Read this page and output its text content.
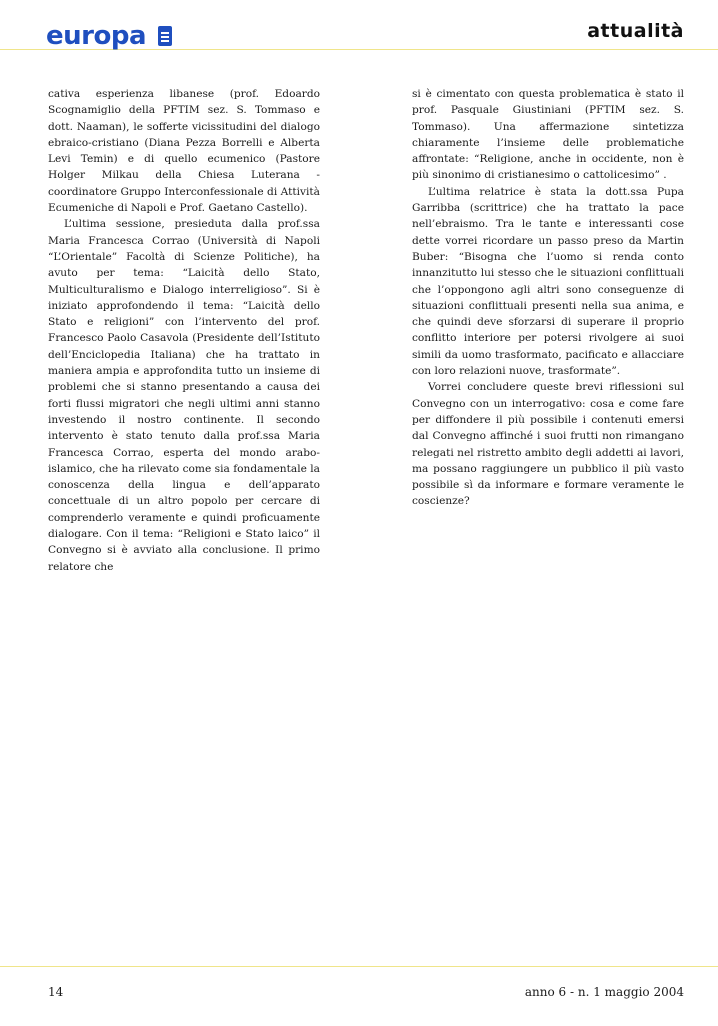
europa	attualità

cativa esperienza libanese (prof. Edoardo Scognamiglio della PFTIM sez. S. Tommaso e dott. Naaman), le sofferte vicissitudini del dialogo ebraico-cristiano (Diana Pezza Borrelli e Alberta Levi Temin) e di quello ecumenico (Pastore Holger Milkau della Chiesa Luterana - coordinatore Gruppo Interconfessionale di Attività Ecumeniche di Napoli e Prof. Gaetano Castello).

L’ultima sessione, presieduta dalla prof.ssa Maria Francesca Corrao (Università di Napoli “L’Orientale” Facoltà di Scienze Politiche), ha avuto per tema: “Laicità dello Stato, Multiculturalismo e Dialogo interreligioso”. Si è iniziato approfondendo il tema: “Laicità dello Stato e religioni” con l’intervento del prof. Francesco Paolo Casavola (Presidente dell’Istituto dell’Enciclopedia Italiana) che ha trattato in maniera ampia e approfondita tutto un insieme di problemi che si stanno presentando a causa dei forti flussi migratori che negli ultimi anni stanno investendo il nostro continente. Il secondo intervento è stato tenuto dalla prof.ssa Maria Francesca Corrao, esperta del mondo arabo-islamico, che ha rilevato come sia fondamentale la conoscenza della lingua e dell’apparato concettuale di un altro popolo per cercare di comprenderlo veramente e quindi proficuamente dialogare. Con il tema: “Religioni e Stato laico” il Convegno si è avviato alla conclusione. Il primo relatore che

si è cimentato con questa problematica è stato il prof. Pasquale Giustiniani (PFTIM sez. S. Tommaso). Una affermazione sintetizza chiaramente l’insieme delle problematiche affrontate: “Religione, anche in occidente, non è più sinonimo di cristianesimo o cattolicesimo” .

L’ultima relatrice è stata la dott.ssa Pupa Garribba (scrittrice) che ha trattato la pace nell’ebraismo. Tra le tante e interessanti cose dette vorrei ricordare un passo preso da Martin Buber: “Bisogna che l’uomo si renda conto innanzitutto lui stesso che le situazioni conflittuali che l’oppongono agli altri sono conseguenze di situazioni conflittuali presenti nella sua anima, e che quindi deve sforzarsi di superare il proprio conflitto interiore per potersi rivolgere ai suoi simili da uomo trasformato, pacificato e allacciare con loro relazioni nuove, trasformate”.

Vorrei concludere queste brevi riflessioni sul Convegno con un interrogativo: cosa e come fare per diffondere il più possibile i contenuti emersi dal Convegno affinché i suoi frutti non rimangano relegati nel ristretto ambito degli addetti ai lavori, ma possano raggiungere un pubblico il più vasto possibile sì da informare e formare veramente le coscienze?

14	anno 6 - n. 1 maggio 2004
